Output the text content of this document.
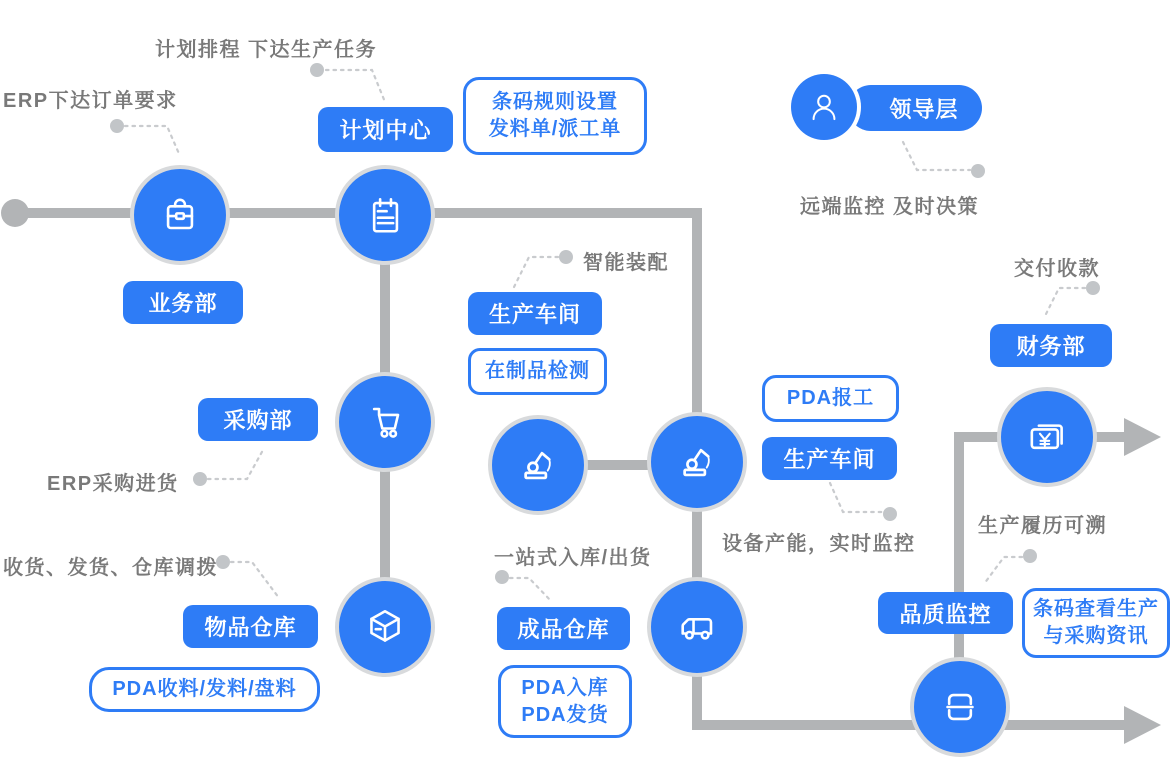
计划排程 下达生产任务
ERP下达订单要求
远端监控 及时决策
智能装配
ERP采购进货
收货、发货、仓库调拨
设备产能，实时监控
一站式入库/出货
交付收款
生产履历可溯
领导层
计划中心
业务部
采购部
物品仓库
生产车间
生产车间
成品仓库
财务部
品质监控
条码规则设置
发料单/派工单
在制品检测
PDA收料/发料/盘料
PDA报工
PDA入库
PDA发货
条码查看生产
与采购资讯
